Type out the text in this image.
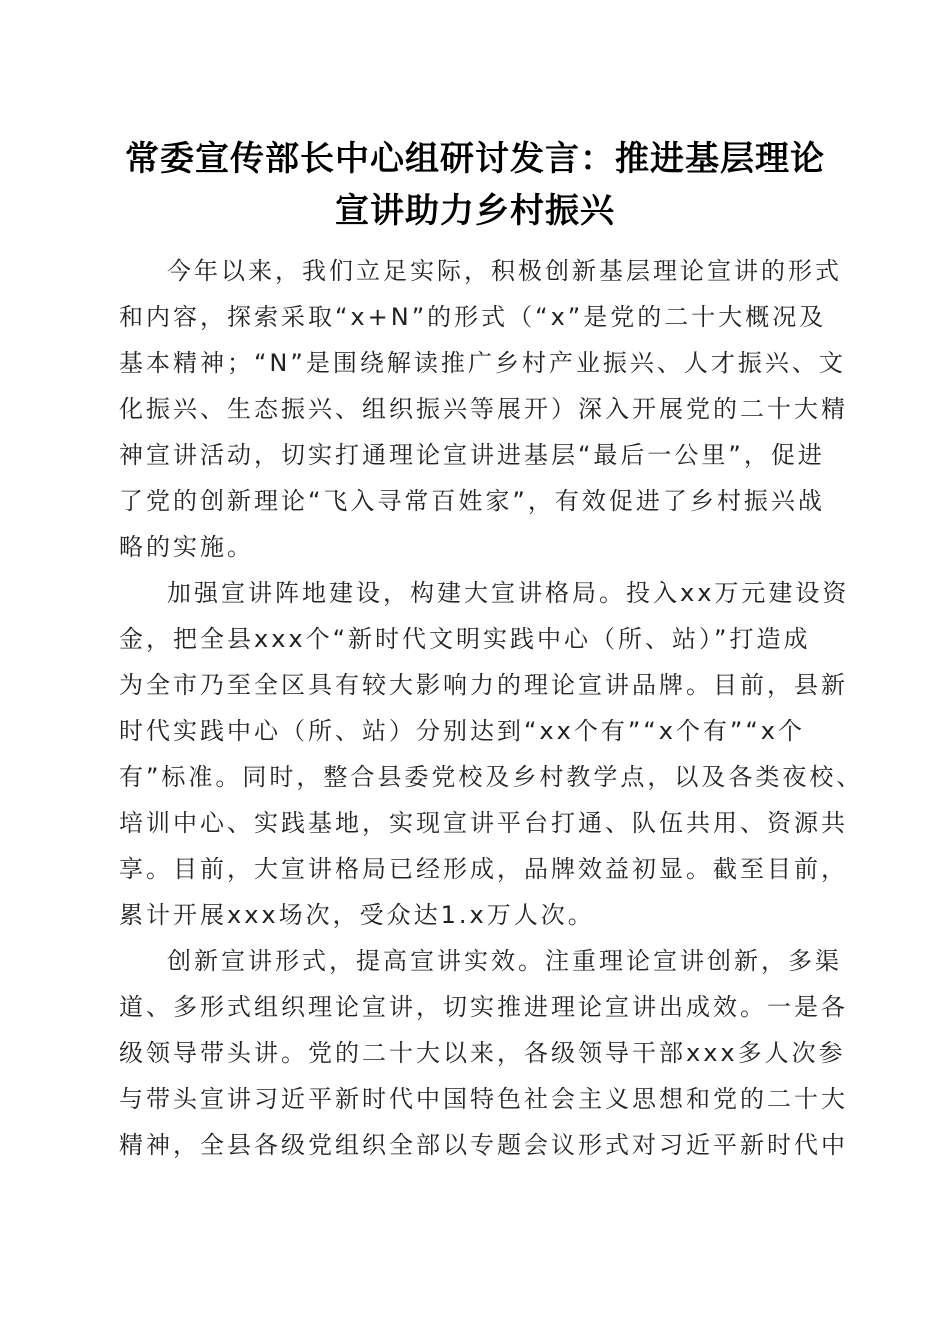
常委宣传部长中心组研讨发言：推进基层理论
宣讲助力乡村振兴

今年以来，我们立足实际，积极创新基层理论宣讲的形式
和内容，探索采取“x+N”的形式（“x”是党的二十大概况及
基本精神；“N”是围绕解读推广乡村产业振兴、人才振兴、文
化振兴、生态振兴、组织振兴等展开）深入开展党的二十大精
神宣讲活动，切实打通理论宣讲进基层“最后一公里”，促进
了党的创新理论“飞入寻常百姓家”，有效促进了乡村振兴战
略的实施。

加强宣讲阵地建设，构建大宣讲格局。投入xx万元建设资
金，把全县xxx个“新时代文明实践中心（所、站）”打造成
为全市乃至全区具有较大影响力的理论宣讲品牌。目前，县新
时代实践中心（所、站）分别达到“xx个有”“x个有”“x个
有”标准。同时，整合县委党校及乡村教学点，以及各类夜校、
培训中心、实践基地，实现宣讲平台打通、队伍共用、资源共
享。目前，大宣讲格局已经形成，品牌效益初显。截至目前，
累计开展xxx场次，受众达1.x万人次。

创新宣讲形式，提高宣讲实效。注重理论宣讲创新，多渠
道、多形式组织理论宣讲，切实推进理论宣讲出成效。一是各
级领导带头讲。党的二十大以来，各级领导干部xxx多人次参
与带头宣讲习近平新时代中国特色社会主义思想和党的二十大
精神，全县各级党组织全部以专题会议形式对习近平新时代中
